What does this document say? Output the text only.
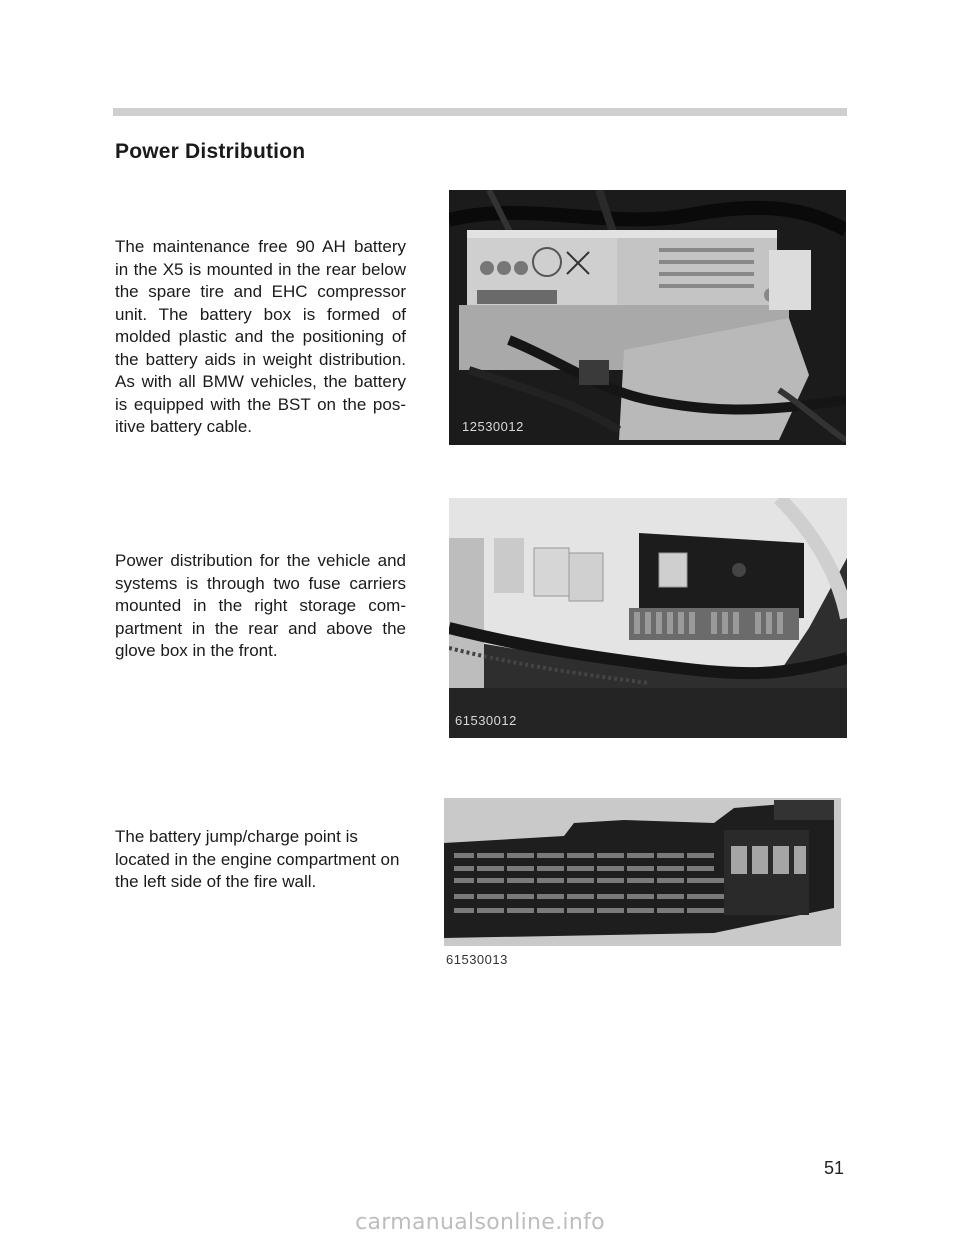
Power Distribution

The maintenance free 90 AH battery in the X5 is mounted in the rear below the spare tire and EHC compressor unit. The battery box is formed of molded plastic and the positioning of the battery aids in weight distribution. As with all BMW vehicles, the battery is equipped with the BST on the pos-itive battery cable.	12530012

Power distribution for the vehicle and systems is through two fuse carriers mounted in the right storage com-partment in the rear and above the glove box in the front.

61530012

The battery jump/charge point is located in the engine compartment on the left side of the fire wall.

61530013
51
carmanualsonline.info
